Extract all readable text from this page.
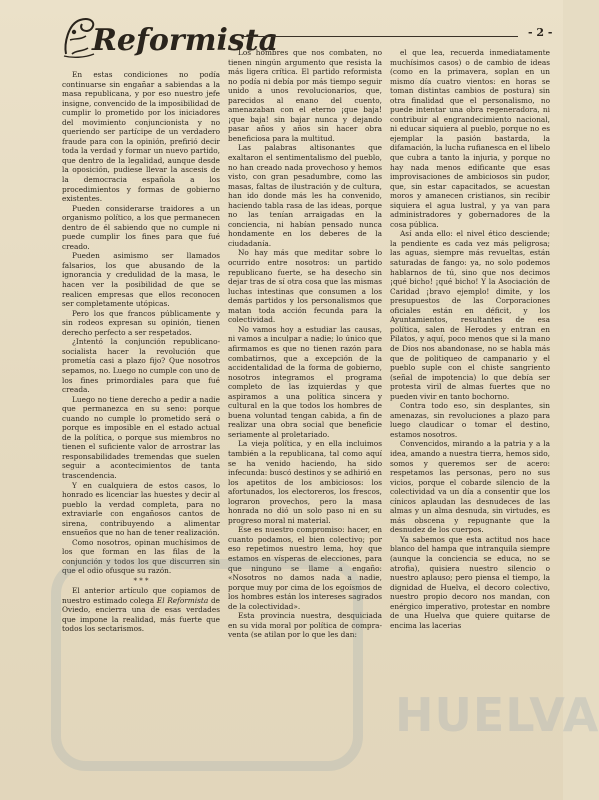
Reformista	- 2 -

En estas condiciones no podía continuarse sin engañar a sabiendas a la masa republicana, y por eso nuestro jefe insigne, convencido de la imposibilidad de cumplir lo prometido por los iniciadores del movimiento conjuncionista y no queriendo ser partícipe de un verdadero fraude para con la opinión, prefirió decir toda la verdad y formar un nuevo partido, que dentro de la legalidad, aunque desde la oposición, pudiese llevar la ascesis de la democracia española a los procedimientos y formas de gobierno existentes.

Pueden considerarse traidores a un organismo político, a los que permanecen dentro de él sabiendo que no cumple ni puede cumplir los fines para que fué creado.

Pueden asimismo ser llamados falsarios, los que abusando de la ignorancia y credulidad de la masa, le hacen ver la posibilidad de que se realicen empresas que ellos reconocen ser completamente utópicas.

Pero los que francos públicamente y sin rodeos expresan su opinión, tienen derecho perfecto a ser respetados.

¿Intentó la conjunción republicano-socialista hacer la revolución que prometía casi a plazo fijo? Que nosotros sepamos, no. Luego no cumple con uno de los fines primordiales para que fué creada.

Luego no tiene derecho a pedir a nadie que permanezca en su seno: porque cuando no cumple lo prometido será o porque es imposible en el estado actual de la política, o porque sus miembros no tienen el suficiente valor de arrostrar las responsabilidades tremendas que suelen seguir a acontecimientos de tanta trascendencia.

Y en cualquiera de estos casos, lo honrado es licenciar las huestes y decir al pueblo la verdad completa, para no extraviarle con engañosos cantos de sirena, contribuyendo a alimentar ensueños que no han de tener realización.

Como nosotros, opinan muchísimos de los que forman en las filas de la conjunción y todos los que discurren sin que el odio ofusque su razón.

* * *

El anterior artículo que copiamos de nuestro estimado colega El Reformista de Oviedo, encierra una de esas verdades que impone la realidad, más fuerte que todos los sectarismos.

Los hombres que nos combaten, no tienen ningún argumento que resista la más ligera crítica. El partido reformista no podía ni debía por más tiempo seguir unido a unos revolucionarios, que, parecidos al enano del cuento, amenazaban con el eterno ¡que baja! ¡que baja! sin bajar nunca y dejando pasar años y años sin hacer obra beneficiosa para la multitud.

Las palabras altisonantes que exaltaron el sentimentalismo del pueblo, no han creado nada provechoso y hemos visto, con gran pesadumbre, como las masas, faltas de ilustración y de cultura, han ido donde más les ha convenido, haciendo tabla rasa de las ideas, porque no las tenían arraigadas en la conciencia, ni habían pensado nunca hondamente en los deberes de la ciudadanía.

No hay más que meditar sobre lo ocurrido entre nosotros: un partido republicano fuerte, se ha desecho sin dejar tras de sí otra cosa que las mismas luchas intestinas que consumen a los demás partidos y los personalismos que matan toda acción fecunda para la colectividad.

No vamos hoy a estudiar las causas, ni vamos a inculpar a nadie; lo único que afirmamos es que no tienen razón para combatirnos, que a excepción de la accidentalidad de la forma de gobierno, nosotros integramos el programa completo de las izquierdas y que aspiramos a una política sincera y cultural en la que todos los hombres de buena voluntad tengan cabida, a fin de realizar una obra social que beneficie seriamente al proletariado.

La vieja política, y en ella incluimos también a la republicana, tal como aquí se ha venido haciendo, ha sido infecunda: buscó destinos y se adhirió en los apetitos de los ambiciosos: los afortunados, los electoreros, los frescos, lograron provechos, pero la masa honrada no dió un solo paso ni en su progreso moral ni material.

Ese es nuestro compromiso: hacer, en cuanto podamos, el bien colectivo; por eso repetimos nuestro lema, hoy que estamos en vísperas de elecciones, para que ninguno se llame a engaño: «Nosotros no damos nada a nadie, porque muy por cima de los egoísmos de los hombres están los intereses sagrados de la colectividad».

Esta provincia nuestra, desquiciada en su vida moral por política de compra-venta (se atilan por lo que les dan:

el que lea, recuerda inmediatamente muchísimos casos) o de cambio de ideas (como en la primavera, soplan en un mismo día cuatro vientos: en horas se toman distintas cambios de postura) sin otra finalidad que el personalismo, no puede intentar una obra regeneradora, ni contribuir al engrandecimiento nacional, ni educar siquiera al pueblo, porque no es ejemplar la pasión bastarda, la difamación, la lucha rufianesca en el libelo que cubra a tanto la injuria, y porque no hay nada menos edificante que esas improvisaciones de ambiciosos sin pudor, que, sin estar capacitados, se acuestan moros y amanecen cristianos, sin recibir siquiera el agua lustral, y ya van para administradores y gobernadores de la cosa pública.

Así anda ello: el nivel ético desciende; la pendiente es cada vez más peligrosa; las aguas, siempre más revueltas, están saturadas de fango: ya, no solo podemos hablarnos de tú, sino que nos decimos ¡qué bicho! ¡qué bicho! Y la Asociación de Caridad ¡bravo ejemplo! dimite, y los presupuestos de las Corporaciones oficiales están en déficit, y los Ayuntamientos, resultantes de esa política, salen de Herodes y entran en Pilatos, y aquí, poco menos que si la mano de Dios nos abandonase, no se habla más que de politiqueo de campanario y el pueblo suple con el chiste sangriento (señal de impotencia) lo que debía ser protesta viril de almas fuertes que no pueden vivir en tanto bochorno.

Contra todo eso, sin desplantes, sin amenazas, sin revoluciones a plazo para luego claudicar o tomar el destino, estamos nosotros.

Convencidos, mirando a la patria y a la idea, amando a nuestra tierra, hemos sido, somos y queremos ser de acero: respetamos las personas, pero no sus vicios, porque el cobarde silencio de la colectividad va un día a consentir que los cínicos aplaudan las desnudeces de las almas y un alma desnuda, sin virtudes, es más obscena y repugnante que la desnudez de los cuerpos.

Ya sabemos que esta actitud nos hace blanco del hampa que intranquila siempre (aunque la conciencia se educa, no se atrofia), quisiera nuestro silencio o nuestro aplauso; pero piensa el tiempo, la dignidad de Huelva, el decoro colectivo, nuestro propio decoro nos mandan, con enérgico imperativo, protestar en nombre de una Huelva que quiere quitarse de encima las lacerias

HUELVA
